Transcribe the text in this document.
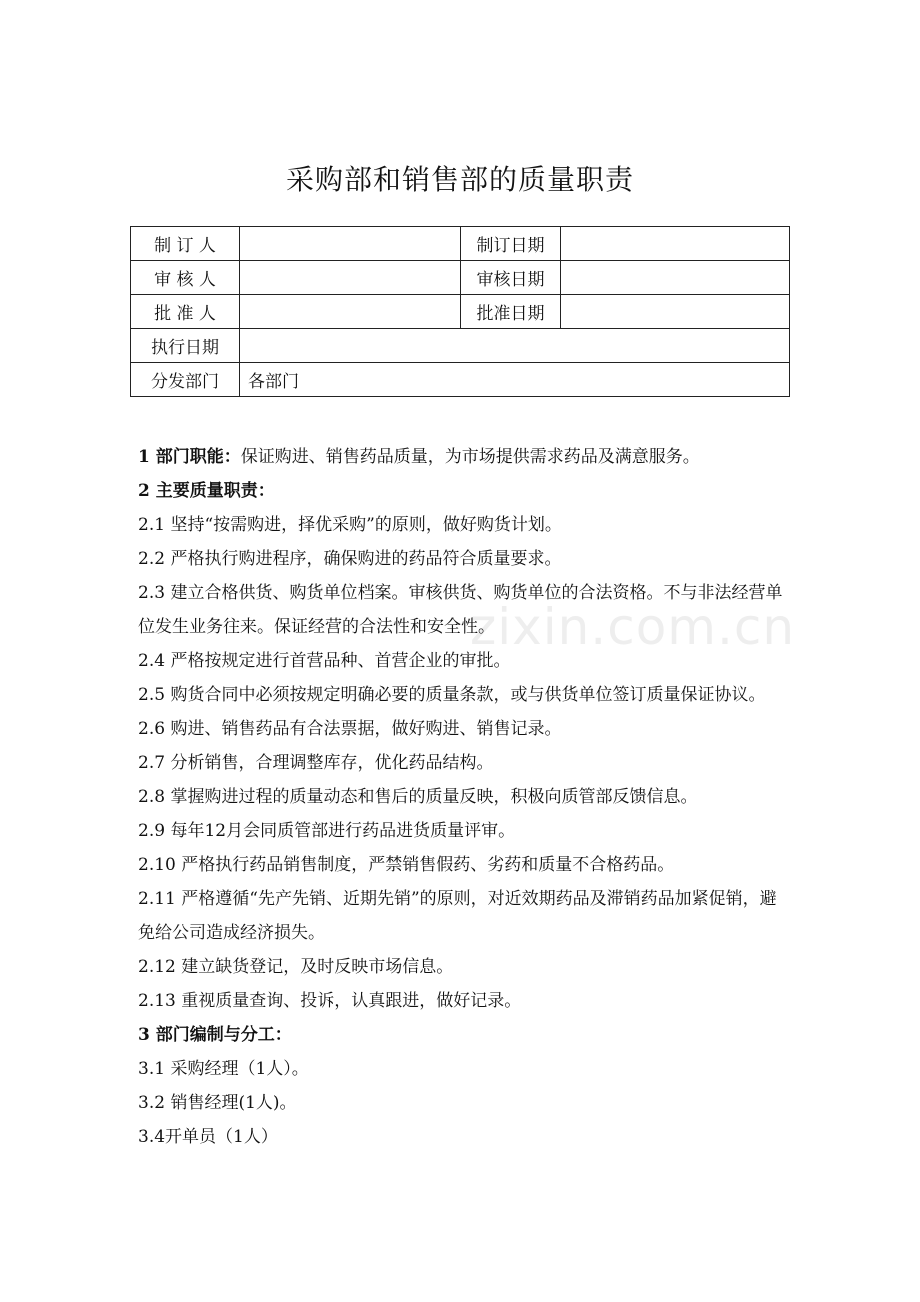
采购部和销售部的质量职责
制 订 人		制订日期	
审 核 人		审核日期	
批 准 人		批准日期	
执行日期			
分发部门	各部门		
zixin.com.cn

1 部门职能：保证购进、销售药品质量，为市场提供需求药品及满意服务。

2 主要质量职责：

2.1 坚持“按需购进，择优采购”的原则，做好购货计划。

2.2 严格执行购进程序，确保购进的药品符合质量要求。

2.3 建立合格供货、购货单位档案。审核供货、购货单位的合法资格。不与非法经营单位发生业务往来。保证经营的合法性和安全性。

2.4 严格按规定进行首营品种、首营企业的审批。

2.5 购货合同中必须按规定明确必要的质量条款，或与供货单位签订质量保证协议。

2.6 购进、销售药品有合法票据，做好购进、销售记录。

2.7 分析销售，合理调整库存，优化药品结构。

2.8 掌握购进过程的质量动态和售后的质量反映，积极向质管部反馈信息。

2.9 每年12月会同质管部进行药品进货质量评审。

2.10 严格执行药品销售制度，严禁销售假药、劣药和质量不合格药品。

2.11 严格遵循“先产先销、近期先销”的原则，对近效期药品及滞销药品加紧促销，避免给公司造成经济损失。

2.12 建立缺货登记，及时反映市场信息。

2.13 重视质量查询、投诉，认真跟进，做好记录。

3 部门编制与分工：

3.1 采购经理（1人）。

3.2 销售经理(1人)。

3.4开单员（1人）
